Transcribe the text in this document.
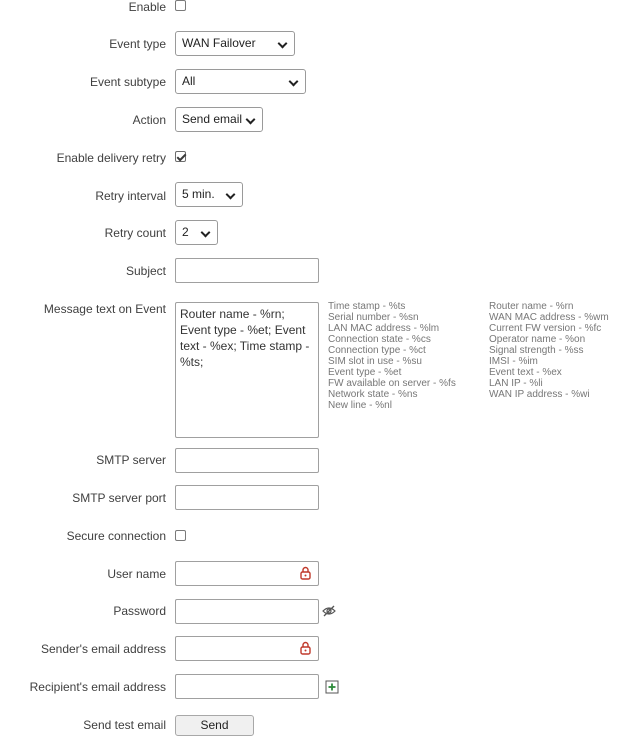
Enable
Event type	WAN Failover
Event subtype	All
Action	Send email
Enable delivery retry
Retry interval	5 min.
Retry count	2
Subject
Message text on Event	Router name - %rn; Event type - %et; Event text - %ex; Time stamp - %ts;
Time stamp - %ts
Serial number - %sn
LAN MAC address - %lm
Connection state - %cs
Connection type - %ct
SIM slot in use - %su
Event type - %et
FW available on server - %fs
Network state - %ns
New line - %nl
Router name - %rn
WAN MAC address - %wm
Current FW version - %fc
Operator name - %on
Signal strength - %ss
IMSI - %im
Event text - %ex
LAN IP - %li
WAN IP address - %wi
SMTP server
SMTP server port
Secure connection
User name
Password
Sender's email address
Recipient's email address
Send test email	Send
